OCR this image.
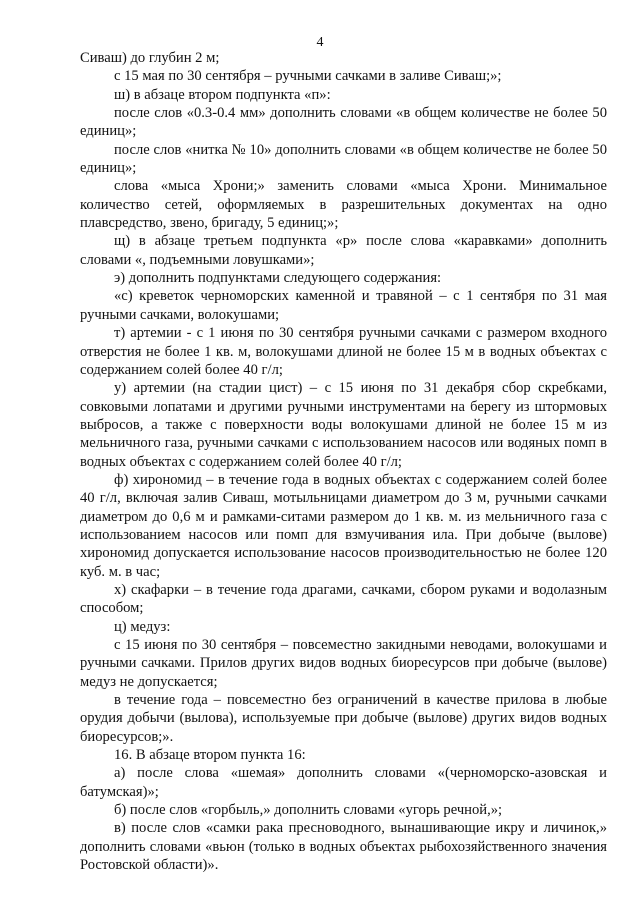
4

Сиваш) до глубин 2 м;

с 15 мая по 30 сентября – ручными сачками в заливе Сиваш;»;

ш) в абзаце втором подпункта «п»:

после слов «0.3-0.4 мм» дополнить словами «в общем количестве не более 50 единиц»;

после слов «нитка № 10» дополнить словами «в общем количестве не более 50 единиц»;

слова «мыса Хрони;» заменить словами «мыса Хрони. Минимальное количество сетей, оформляемых в разрешительных документах на одно плавсредство, звено, бригаду, 5 единиц;»;

щ) в абзаце третьем подпункта «р» после слова «каравками» дополнить словами «, подъемными ловушками»;

э) дополнить подпунктами следующего содержания:

«с) креветок черноморских каменной и травяной – с 1 сентября по 31 мая ручными сачками, волокушами;

т) артемии - с 1 июня по 30 сентября ручными сачками с размером входного отверстия не более 1 кв. м, волокушами длиной не более 15 м в водных объектах с содержанием солей более 40 г/л;

у) артемии (на стадии цист) – с 15 июня по 31 декабря сбор скребками, совковыми лопатами и другими ручными инструментами на берегу из штормовых выбросов, а также с поверхности воды волокушами длиной не более 15 м из мельничного газа, ручными сачками с использованием насосов или водяных помп в водных объектах с содержанием солей более 40 г/л;

ф) хирономид – в течение года в водных объектах с содержанием солей более 40 г/л, включая залив Сиваш, мотыльницами диаметром до 3 м, ручными сачками диаметром до 0,6 м и рамками-ситами размером до 1 кв. м. из мельничного газа с использованием насосов или помп для взмучивания ила. При добыче (вылове) хирономид допускается использование насосов производительностью не более 120 куб. м. в час;

х) скафарки – в течение года драгами, сачками, сбором руками и водолазным способом;

ц) медуз:

с 15 июня по 30 сентября – повсеместно закидными неводами, волокушами и ручными сачками. Прилов других видов водных биоресурсов при добыче (вылове) медуз не допускается;

в течение года – повсеместно без ограничений в качестве прилова в любые орудия добычи (вылова), используемые при добыче (вылове) других видов водных биоресурсов;».

16. В абзаце втором пункта 16:

а) после слова «шемая» дополнить словами «(черноморско-азовская и батумская)»;

б) после слов «горбыль,» дополнить словами «угорь речной,»;

в) после слов «самки рака пресноводного, вынашивающие икру и личинок,» дополнить словами «вьюн (только в водных объектах рыбохозяйственного значения Ростовской области)».
